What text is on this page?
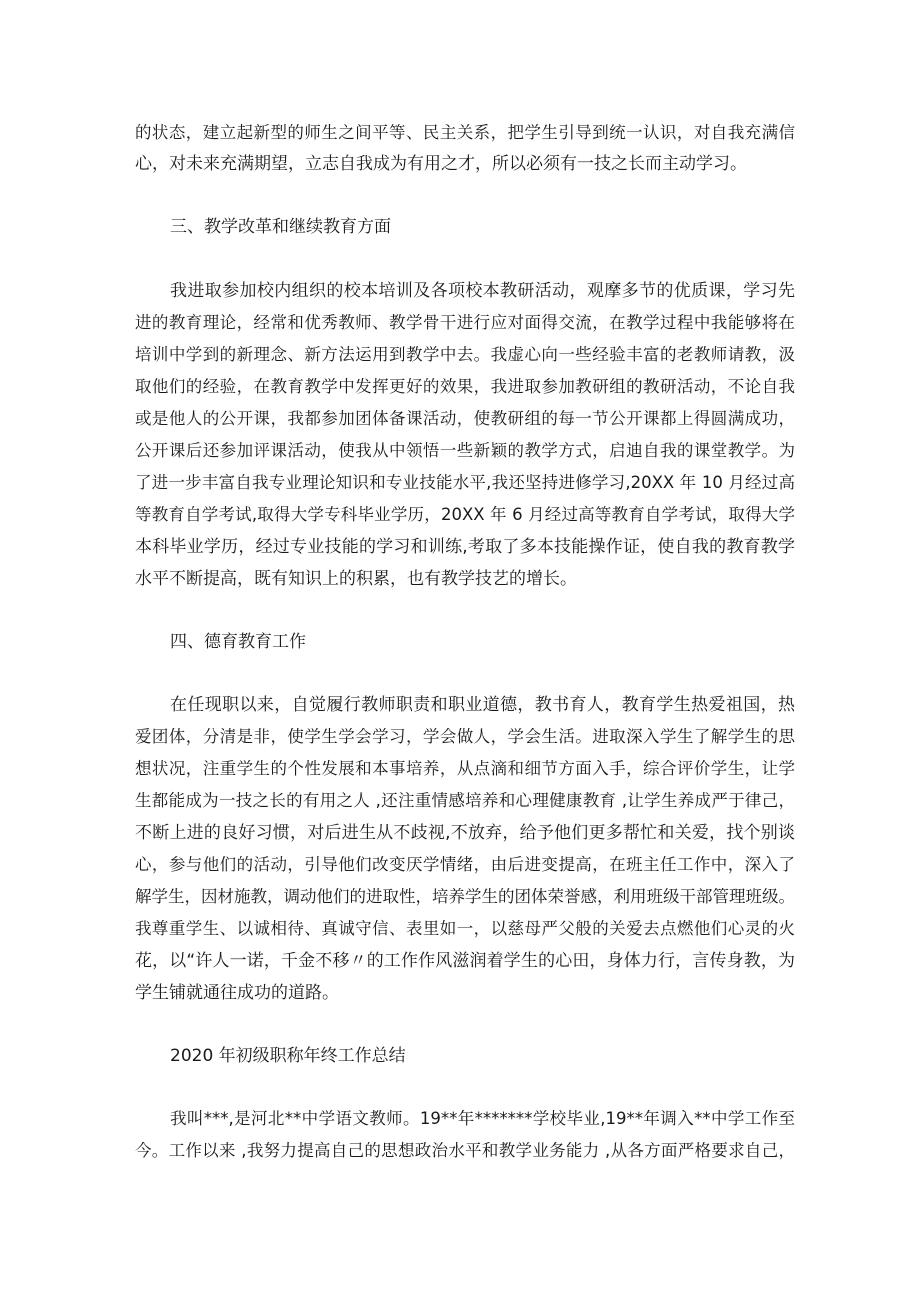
的状态，建立起新型的师生之间平等、民主关系，把学生引导到统一认识，对自我充满信
心，对未来充满期望，立志自我成为有用之才，所以必须有一技之长而主动学习。
三、教学改革和继续教育方面
我进取参加校内组织的校本培训及各项校本教研活动，观摩多节的优质课，学习先
进的教育理论，经常和优秀教师、教学骨干进行应对面得交流，在教学过程中我能够将在
培训中学到的新理念、新方法运用到教学中去。我虚心向一些经验丰富的老教师请教，汲
取他们的经验，在教育教学中发挥更好的效果，我进取参加教研组的教研活动，不论自我
或是他人的公开课，我都参加团体备课活动，使教研组的每一节公开课都上得圆满成功，
公开课后还参加评课活动，使我从中领悟一些新颖的教学方式，启迪自我的课堂教学。为
了进一步丰富自我专业理论知识和专业技能水平,我还坚持进修学习,20XX 年 10 月经过高
等教育自学考试,取得大学专科毕业学历，20XX 年 6 月经过高等教育自学考试，取得大学
本科毕业学历，经过专业技能的学习和训练,考取了多本技能操作证，使自我的教育教学
水平不断提高，既有知识上的积累，也有教学技艺的增长。
四、德育教育工作
在任现职以来，自觉履行教师职责和职业道德，教书育人，教育学生热爱祖国，热
爱团体，分清是非，使学生学会学习，学会做人，学会生活。进取深入学生了解学生的思
想状况，注重学生的个性发展和本事培养，从点滴和细节方面入手，综合评价学生，让学
生都能成为一技之长的有用之人 ,还注重情感培养和心理健康教育 ,让学生养成严于律己，
不断上进的良好习惯，对后进生从不歧视,不放弃，给予他们更多帮忙和关爱，找个别谈
心，参与他们的活动，引导他们改变厌学情绪，由后进变提高，在班主任工作中，深入了
解学生，因材施教，调动他们的进取性，培养学生的团体荣誉感，利用班级干部管理班级。
我尊重学生、以诚相待、真诚守信、表里如一，以慈母严父般的关爱去点燃他们心灵的火
花，以“许人一诺，千金不移〃的工作作风滋润着学生的心田，身体力行，言传身教，为
学生铺就通往成功的道路。
2020 年初级职称年终工作总结
我叫***,是河北**中学语文教师。19**年*******学校毕业,19**年调入**中学工作至
今。工作以来 ,我努力提高自己的思想政治水平和教学业务能力 ,从各方面严格要求自己，
